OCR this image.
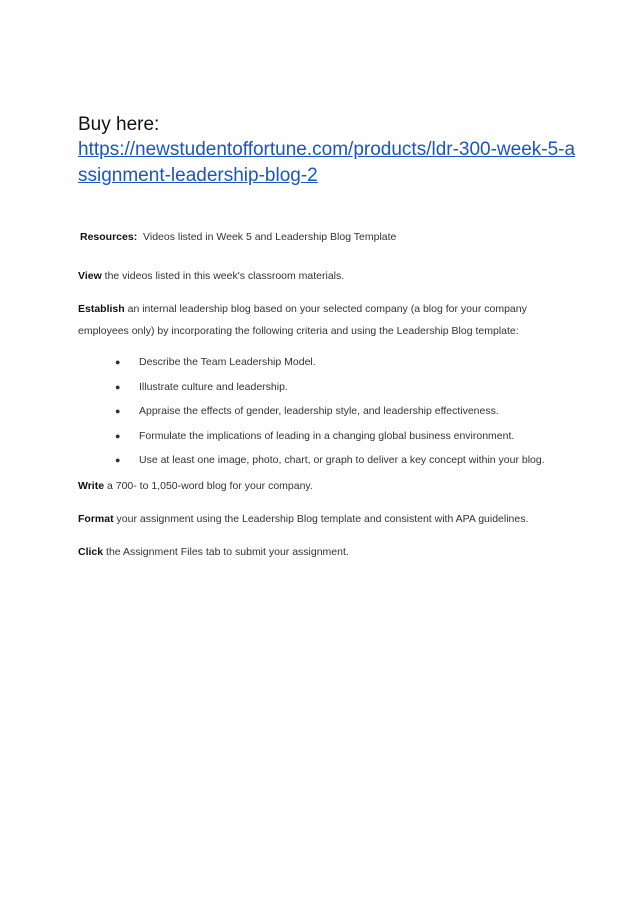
Buy here:
https://newstudentoffortune.com/products/ldr-300-week-5-assignment-leadership-blog-2
Resources: Videos listed in Week 5 and Leadership Blog Template
View the videos listed in this week's classroom materials.
Establish an internal leadership blog based on your selected company (a blog for your company
employees only) by incorporating the following criteria and using the Leadership Blog template:
● Describe the Team Leadership Model.
● Illustrate culture and leadership.
● Appraise the effects of gender, leadership style, and leadership effectiveness.
● Formulate the implications of leading in a changing global business environment.
● Use at least one image, photo, chart, or graph to deliver a key concept within your blog.
Write a 700- to 1,050-word blog for your company.
Format your assignment using the Leadership Blog template and consistent with APA guidelines.
Click the Assignment Files tab to submit your assignment.
